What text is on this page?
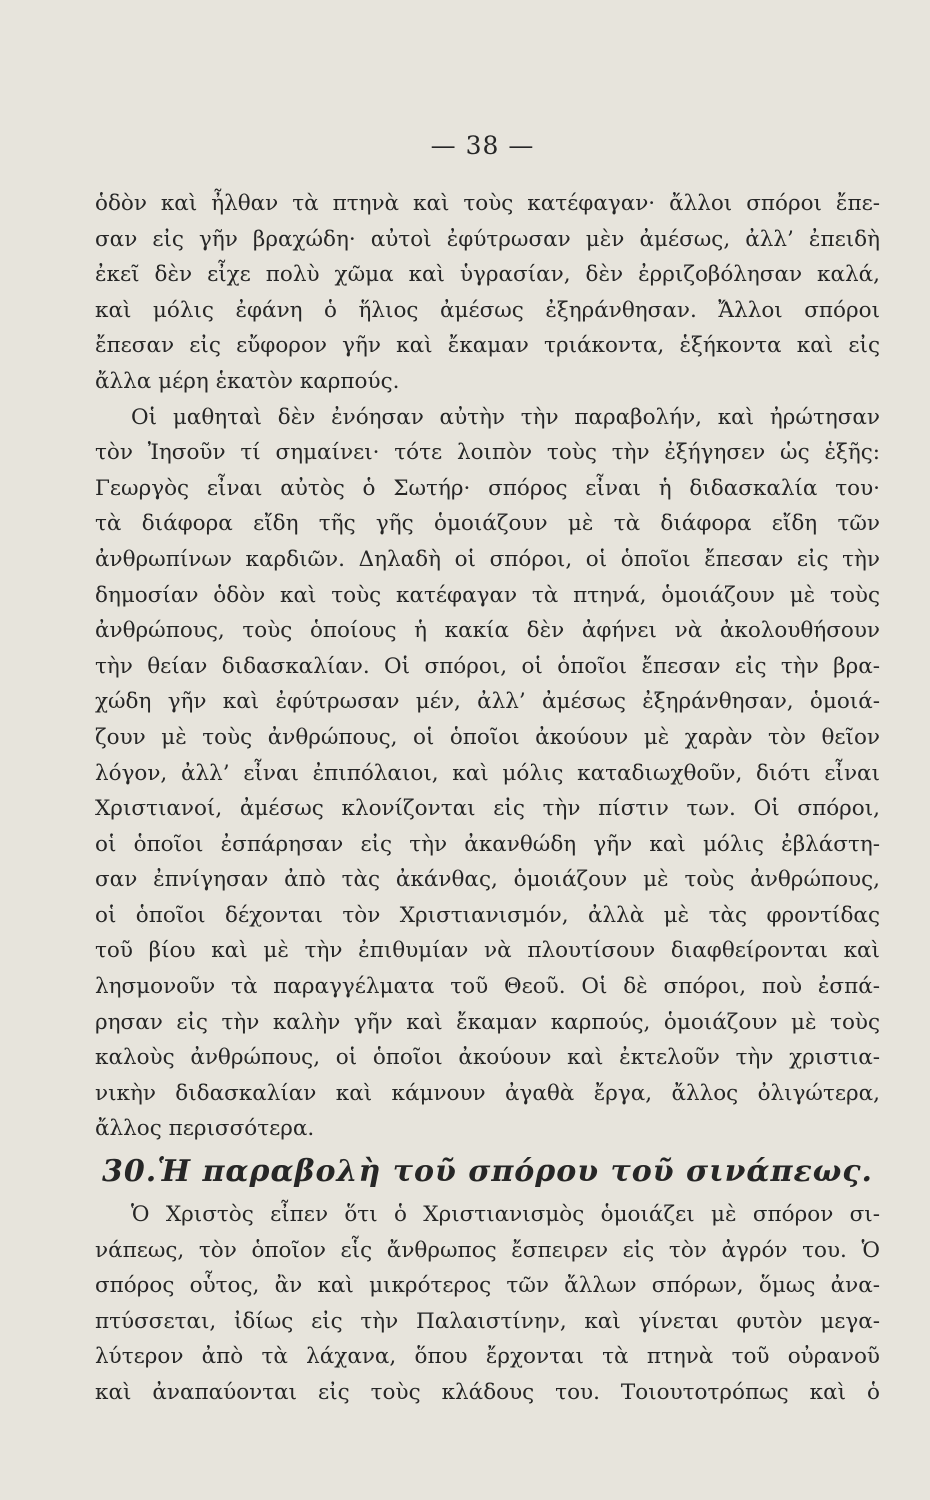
— 38 —
ὁδὸν καὶ ἦλθαν τὰ πτηνὰ καὶ τοὺς κατέφαγαν· ἄλλοι σπόροι ἔπε-
σαν εἰς γῆν βραχώδη· αὐτοὶ ἐφύτρωσαν μὲν ἀμέσως, ἀλλ’ ἐπειδὴ
ἐκεῖ δὲν εἶχε πολὺ χῶμα καὶ ὑγρασίαν, δὲν ἐρριζοβόλησαν καλά,
καὶ μόλις ἐφάνη ὁ ἥλιος ἀμέσως ἐξηράνθησαν. Ἄλλοι σπόροι
ἔπεσαν εἰς εὔφορον γῆν καὶ ἔκαμαν τριάκοντα, ἑξήκοντα καὶ εἰς
ἄλλα μέρη ἑκατὸν καρπούς.
Οἱ μαθηταὶ δὲν ἐνόησαν αὐτὴν τὴν παραβολήν, καὶ ἠρώτησαν
τὸν Ἰησοῦν τί σημαίνει· τότε λοιπὸν τοὺς τὴν ἐξήγησεν ὡς ἑξῆς:
Γεωργὸς εἶναι αὐτὸς ὁ Σωτήρ· σπόρος εἶναι ἡ διδασκαλία του·
τὰ διάφορα εἴδη τῆς γῆς ὁμοιάζουν μὲ τὰ διάφορα εἴδη τῶν
ἀνθρωπίνων καρδιῶν. Δηλαδὴ οἱ σπόροι, οἱ ὁποῖοι ἔπεσαν εἰς τὴν
δημοσίαν ὁδὸν καὶ τοὺς κατέφαγαν τὰ πτηνά, ὁμοιάζουν μὲ τοὺς
ἀνθρώπους, τοὺς ὁποίους ἡ κακία δὲν ἀφήνει νὰ ἀκολουθήσουν
τὴν θείαν διδασκαλίαν. Οἱ σπόροι, οἱ ὁποῖοι ἔπεσαν εἰς τὴν βρα-
χώδη γῆν καὶ ἐφύτρωσαν μέν, ἀλλ’ ἀμέσως ἐξηράνθησαν, ὁμοιά-
ζουν μὲ τοὺς ἀνθρώπους, οἱ ὁποῖοι ἀκούουν μὲ χαρὰν τὸν θεῖον
λόγον, ἀλλ’ εἶναι ἐπιπόλαιοι, καὶ μόλις καταδιωχθοῦν, διότι εἶναι
Χριστιανοί, ἀμέσως κλονίζονται εἰς τὴν πίστιν των. Οἱ σπόροι,
οἱ ὁποῖοι ἐσπάρησαν εἰς τὴν ἀκανθώδη γῆν καὶ μόλις ἐβλάστη-
σαν ἐπνίγησαν ἀπὸ τὰς ἀκάνθας, ὁμοιάζουν μὲ τοὺς ἀνθρώπους,
οἱ ὁποῖοι δέχονται τὸν Χριστιανισμόν, ἀλλὰ μὲ τὰς φροντίδας
τοῦ βίου καὶ μὲ τὴν ἐπιθυμίαν νὰ πλουτίσουν διαφθείρονται καὶ
λησμονοῦν τὰ παραγγέλματα τοῦ Θεοῦ. Οἱ δὲ σπόροι, ποὺ ἐσπά-
ρησαν εἰς τὴν καλὴν γῆν καὶ ἔκαμαν καρπούς, ὁμοιάζουν μὲ τοὺς
καλοὺς ἀνθρώπους, οἱ ὁποῖοι ἀκούουν καὶ ἐκτελοῦν τὴν χριστια-
νικὴν διδασκαλίαν καὶ κάμνουν ἀγαθὰ ἔργα, ἄλλος ὀλιγώτερα,
ἄλλος περισσότερα.
30.Ἡ παραβολὴ τοῦ σπόρου τοῦ σινάπεως.
Ὁ Χριστὸς εἶπεν ὅτι ὁ Χριστιανισμὸς ὁμοιάζει μὲ σπόρον σι-
νάπεως, τὸν ὁποῖον εἷς ἄνθρωπος ἔσπειρεν εἰς τὸν ἀγρόν του. Ὁ
σπόρος οὗτος, ἂν καὶ μικρότερος τῶν ἄλλων σπόρων, ὅμως ἀνα-
πτύσσεται, ἰδίως εἰς τὴν Παλαιστίνην, καὶ γίνεται φυτὸν μεγα-
λύτερον ἀπὸ τὰ λάχανα, ὅπου ἔρχονται τὰ πτηνὰ τοῦ οὐρανοῦ
καὶ ἀναπαύονται εἰς τοὺς κλάδους του. Τοιουτοτρόπως καὶ ὁ
